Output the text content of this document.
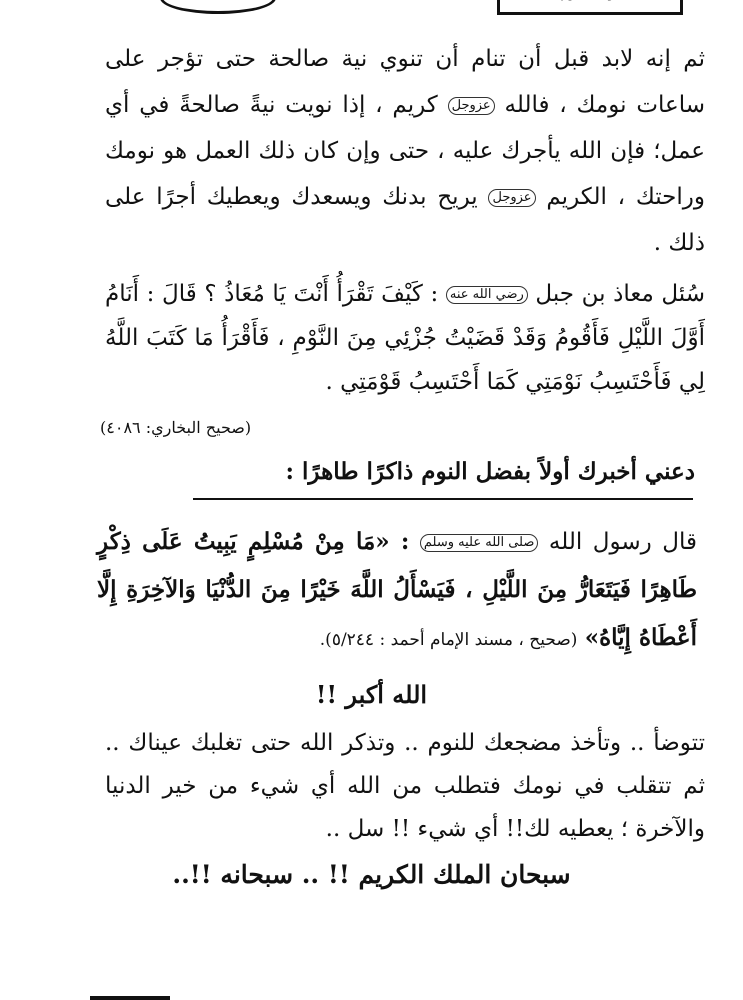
ثم إنه لابد قبل أن تنام أن تنوي نية صالحة حتى تؤجر على ساعات نومك ، فالله عزوجل كريم ، إذا نويت نيةً صالحةً في أي عمل؛ فإن الله يأجرك عليه ، حتى وإن كان ذلك العمل هو نومك وراحتك ، الكريم عزوجل يريح بدنك ويسعدك ويعطيك أجرًا على ذلك .
سُئل معاذ بن جبل رضي الله عنه : كَيْفَ تَقْرَأُ أَنْتَ يَا مُعَاذُ ؟ قَالَ : أَنَامُ أَوَّلَ اللَّيْلِ فَأَقُومُ وَقَدْ قَضَيْتُ جُزْئِي مِنَ النَّوْمِ ، فَأَقْرَأُ مَا كَتَبَ اللَّهُ لِي فَأَحْتَسِبُ نَوْمَتِي كَمَا أَحْتَسِبُ قَوْمَتِي .
(صحيح البخاري: ٤٠٨٦)
دعني أخبرك أولاً بفضل النوم ذاكرًا طاهرًا :
قال رسول الله صلى الله عليه وسلم : «مَا مِنْ مُسْلِمٍ يَبِيتُ عَلَى ذِكْرٍ طَاهِرًا فَيَتَعَارُّ مِنَ اللَّيْلِ ، فَيَسْأَلُ اللَّهَ خَيْرًا مِنَ الدُّنْيَا وَالآخِرَةِ إِلَّا أَعْطَاهُ إِيَّاهُ» (صحيح ، مسند الإمام أحمد : ٥/٢٤٤).
الله أكبر !!
تتوضأ .. وتأخذ مضجعك للنوم .. وتذكر الله حتى تغلبك عيناك .. ثم تتقلب في نومك فتطلب من الله أي شيء من خير الدنيا والآخرة ؛ يعطيه لك!! أي شيء !! سل ..
سبحان الملك الكريم !! .. سبحانه !!..
